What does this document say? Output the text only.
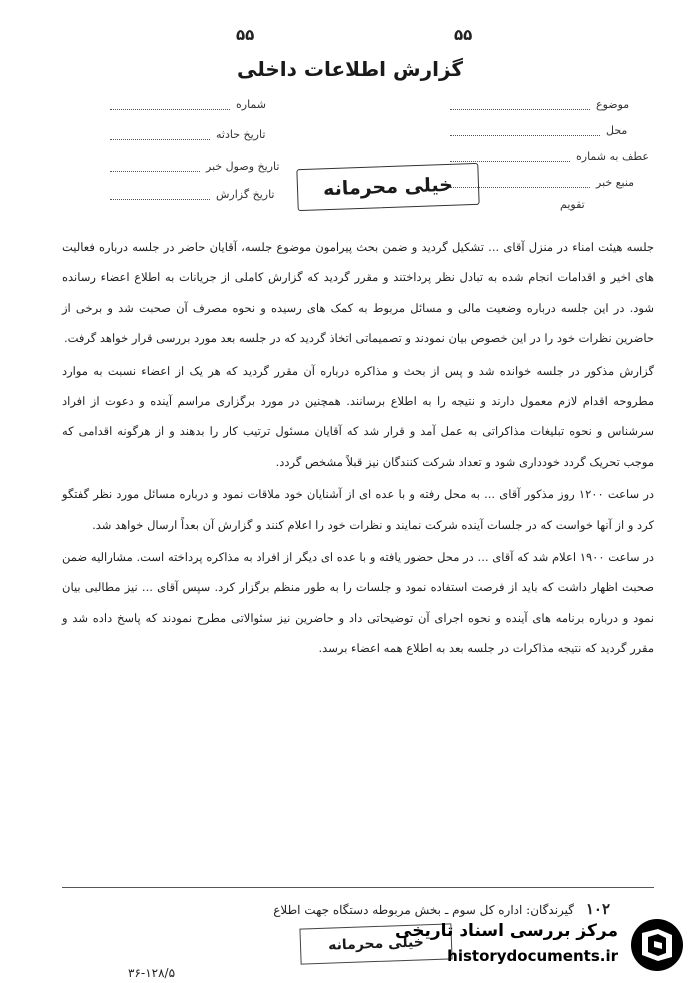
۵۵	۵۵
گزارش اطلاعات داخلی
شماره
تاریخ حادثه
تاریخ وصول خبر
تاریخ گزارش
موضوع
محل
عطف به شماره
منبع خبر
تقویم
خیلی محرمانه

جلسه هیئت امناء در منزل آقای ... تشکیل گردید و ضمن بحث پیرامون موضوع جلسه، آقایان حاضر در جلسه درباره فعالیت های اخیر و اقدامات انجام شده به تبادل نظر پرداختند و مقرر گردید که گزارش کاملی از جریانات به اطلاع اعضاء رسانده شود. در این جلسه درباره وضعیت مالی و مسائل مربوط به کمک های رسیده و نحوه مصرف آن صحبت شد و برخی از حاضرین نظرات خود را در این خصوص بیان نمودند و تصمیماتی اتخاذ گردید که در جلسه بعد مورد بررسی قرار خواهد گرفت.

گزارش مذکور در جلسه خوانده شد و پس از بحث و مذاکره درباره آن مقرر گردید که هر یک از اعضاء نسبت به موارد مطروحه اقدام لازم معمول دارند و نتیجه را به اطلاع برسانند. همچنین در مورد برگزاری مراسم آینده و دعوت از افراد سرشناس و نحوه تبلیغات مذاکراتی به عمل آمد و قرار شد که آقایان مسئول ترتیب کار را بدهند و از هرگونه اقدامی که موجب تحریک گردد خودداری شود و تعداد شرکت کنندگان نیز قبلاً مشخص گردد.

در ساعت ۱۲۰۰ روز مذکور آقای ... به محل رفته و با عده ای از آشنایان خود ملاقات نمود و درباره مسائل مورد نظر گفتگو کرد و از آنها خواست که در جلسات آینده شرکت نمایند و نظرات خود را اعلام کنند و گزارش آن بعداً ارسال خواهد شد.

در ساعت ۱۹۰۰ اعلام شد که آقای ... در محل حضور یافته و با عده ای دیگر از افراد به مذاکره پرداخته است. مشارالیه ضمن صحبت اظهار داشت که باید از فرصت استفاده نمود و جلسات را به طور منظم برگزار کرد. سپس آقای ... نیز مطالبی بیان نمود و درباره برنامه های آینده و نحوه اجرای آن توضیحاتی داد و حاضرین نیز سئوالاتی مطرح نمودند که پاسخ داده شد و مقرر گردید که نتیجه مذاکرات در جلسه بعد به اطلاع همه اعضاء برسد.

۱۰۲ گیرندگان: اداره کل سوم ـ بخش مربوطه دستگاه جهت اطلاع
خیلی محرمانه
۳۶-۱۲۸/۵
مرکز بررسی اسناد تاریخی
historydocuments.ir
